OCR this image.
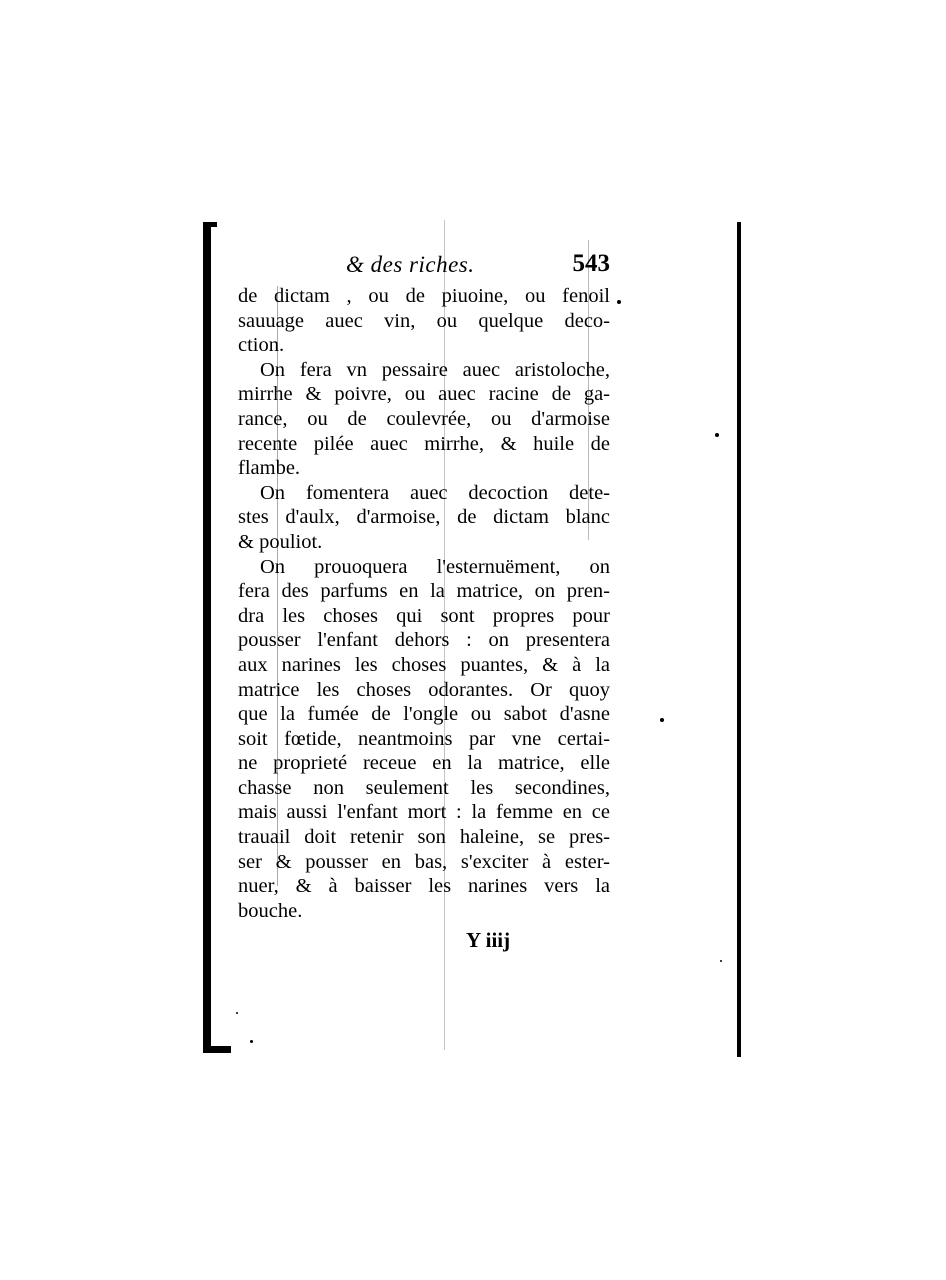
& des riches.	543
de dictam , ou de piuoine, ou fenoil
sauuage auec vin, ou quelque deco-
ction.
On fera vn pessaire auec aristoloche,
mirrhe & poivre, ou auec racine de ga-
rance, ou de coulevrée, ou d'armoise
recente pilée auec mirrhe, & huile de
flambe.
On fomentera auec decoction dete-
stes d'aulx, d'armoise, de dictam blanc
& pouliot.
On prouoquera l'esternuëment, on
fera des parfums en la matrice, on pren-
dra les choses qui sont propres pour
pousser l'enfant dehors : on presentera
aux narines les choses puantes, & à la
matrice les choses odorantes. Or quoy
que la fumée de l'ongle ou sabot d'asne
soit fœtide, neantmoins par vne certai-
ne proprieté receue en la matrice, elle
chasse non seulement les secondines,
mais aussi l'enfant mort : la femme en ce
trauail doit retenir son haleine, se pres-
ser & pousser en bas, s'exciter à ester-
nuer, & à baisser les narines vers la
bouche.
Y iiij
